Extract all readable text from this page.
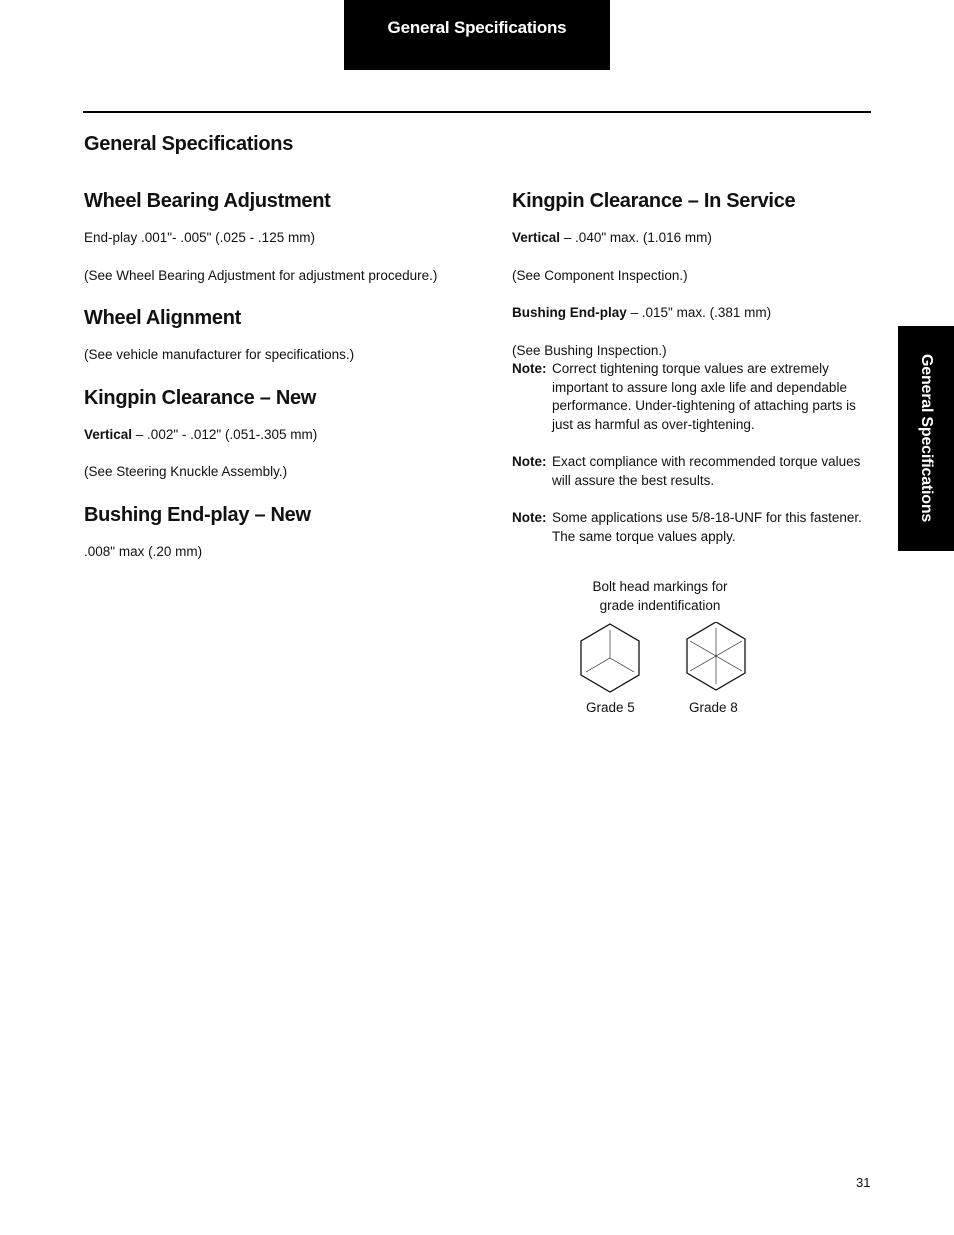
General Specifications
General Specifications
Wheel Bearing Adjustment

End-play .001"- .005" (.025 - .125 mm)

(See Wheel Bearing Adjustment for adjustment procedure.)

Wheel Alignment

(See vehicle manufacturer for specifications.)

Kingpin Clearance – New

Vertical – .002" - .012" (.051-.305 mm)

(See Steering Knuckle Assembly.)

Bushing End-play – New

.008" max (.20 mm)

Kingpin Clearance – In Service

Vertical – .040" max. (1.016 mm)

(See Component Inspection.)

Bushing End-play – .015" max. (.381 mm)

(See Bushing Inspection.)

Note: Correct tightening torque values are extremely important to assure long axle life and dependable performance. Under-tightening of attaching parts is just as harmful as over-tightening.
Note: Exact compliance with recommended torque values will assure the best results.
Note: Some applications use 5/8-18-UNF for this fastener. The same torque values apply.
Bolt head markings for
grade indentification
Grade 5	Grade 8
General Specifications
31
